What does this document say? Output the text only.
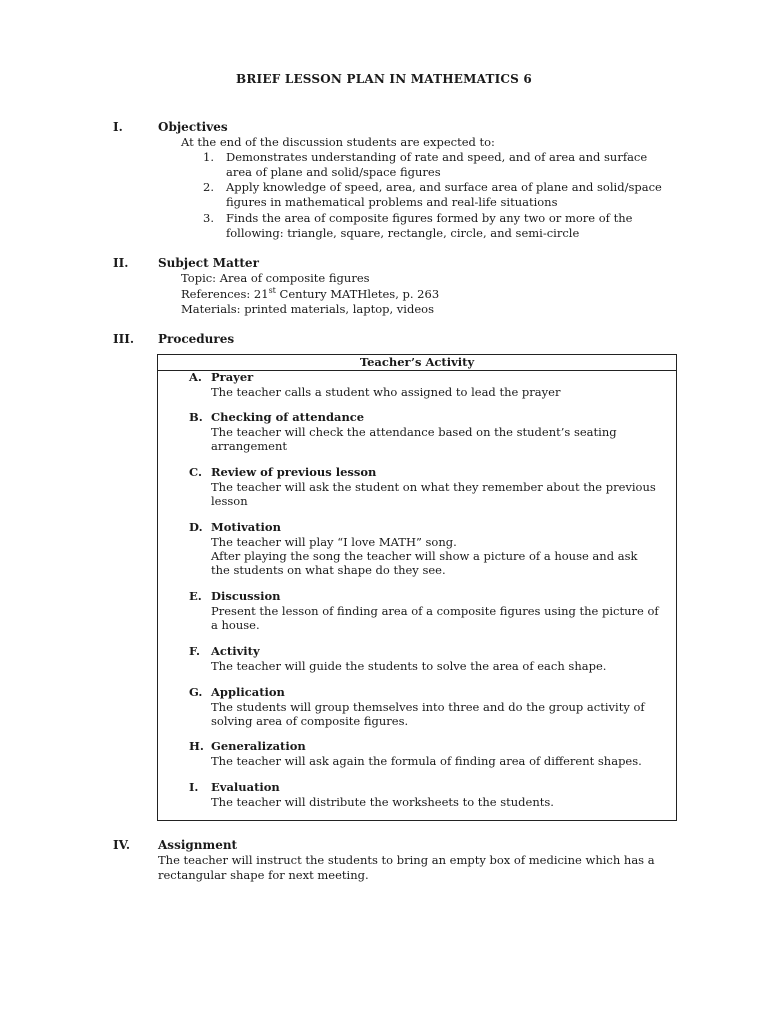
BRIEF LESSON PLAN IN MATHEMATICS 6
I.	Objectives
At the end of the discussion students are expected to:
1. Demonstrates understanding of rate and speed, and of area and surface
area of plane and solid/space figures
2. Apply knowledge of speed, area, and surface area of plane and solid/space
figures in mathematical problems and real-life situations
3. Finds the area of composite figures formed by any two or more of the
following: triangle, square, rectangle, circle, and semi-circle
II. Subject Matter
Topic: Area of composite figures
References: 21st Century MATHletes, p. 263
Materials: printed materials, laptop, videos
III. Procedures
Teacher’s Activity
A. Prayer
The teacher calls a student who assigned to lead the prayer
B. Checking of attendance
The teacher will check the attendance based on the student’s seating
arrangement
C. Review of previous lesson
The teacher will ask the student on what they remember about the previous
lesson
D. Motivation
The teacher will play “I love MATH” song.
After playing the song the teacher will show a picture of a house and ask
the students on what shape do they see.
E. Discussion
Present the lesson of finding area of a composite figures using the picture of
a house.
F. Activity
The teacher will guide the students to solve the area of each shape.
G. Application
The students will group themselves into three and do the group activity of
solving area of composite figures.
H. Generalization
The teacher will ask again the formula of finding area of different shapes.
I. Evaluation
The teacher will distribute the worksheets to the students.
IV. Assignment
The teacher will instruct the students to bring an empty box of medicine which has a
rectangular shape for next meeting.
